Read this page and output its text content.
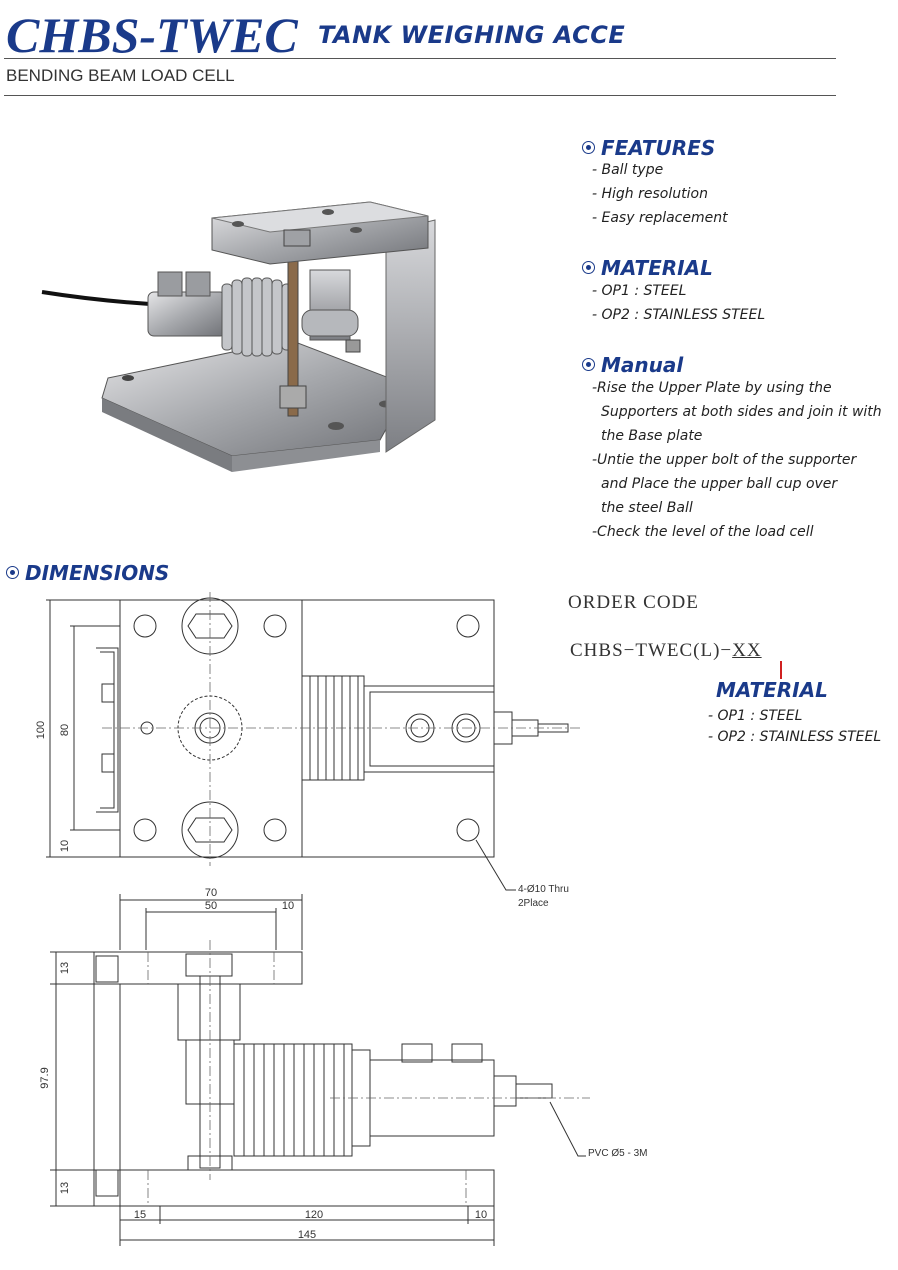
CHBS-TWEC TANK WEIGHING ACCE
BENDING BEAM LOAD CELL
FEATURES
- Ball type
- High resolution
- Easy replacement
MATERIAL
- OP1 : STEEL
- OP2 : STAINLESS STEEL
Manual
-Rise the Upper Plate by using the
Supporters at both sides and join it with
the Base plate
-Untie the upper bolt of the supporter
and Place the upper ball cup over
the steel Ball
-Check the level of the load cell
DIMENSIONS
100 80
10
4-Ø10 Thru
2Place
70
50	10
13
97.9
13
15	120	10
145
PVC Ø5 - 3M
ORDER CODE
CHBS−TWEC(L)−XX
MATERIAL
- OP1 : STEEL
- OP2 : STAINLESS STEEL
